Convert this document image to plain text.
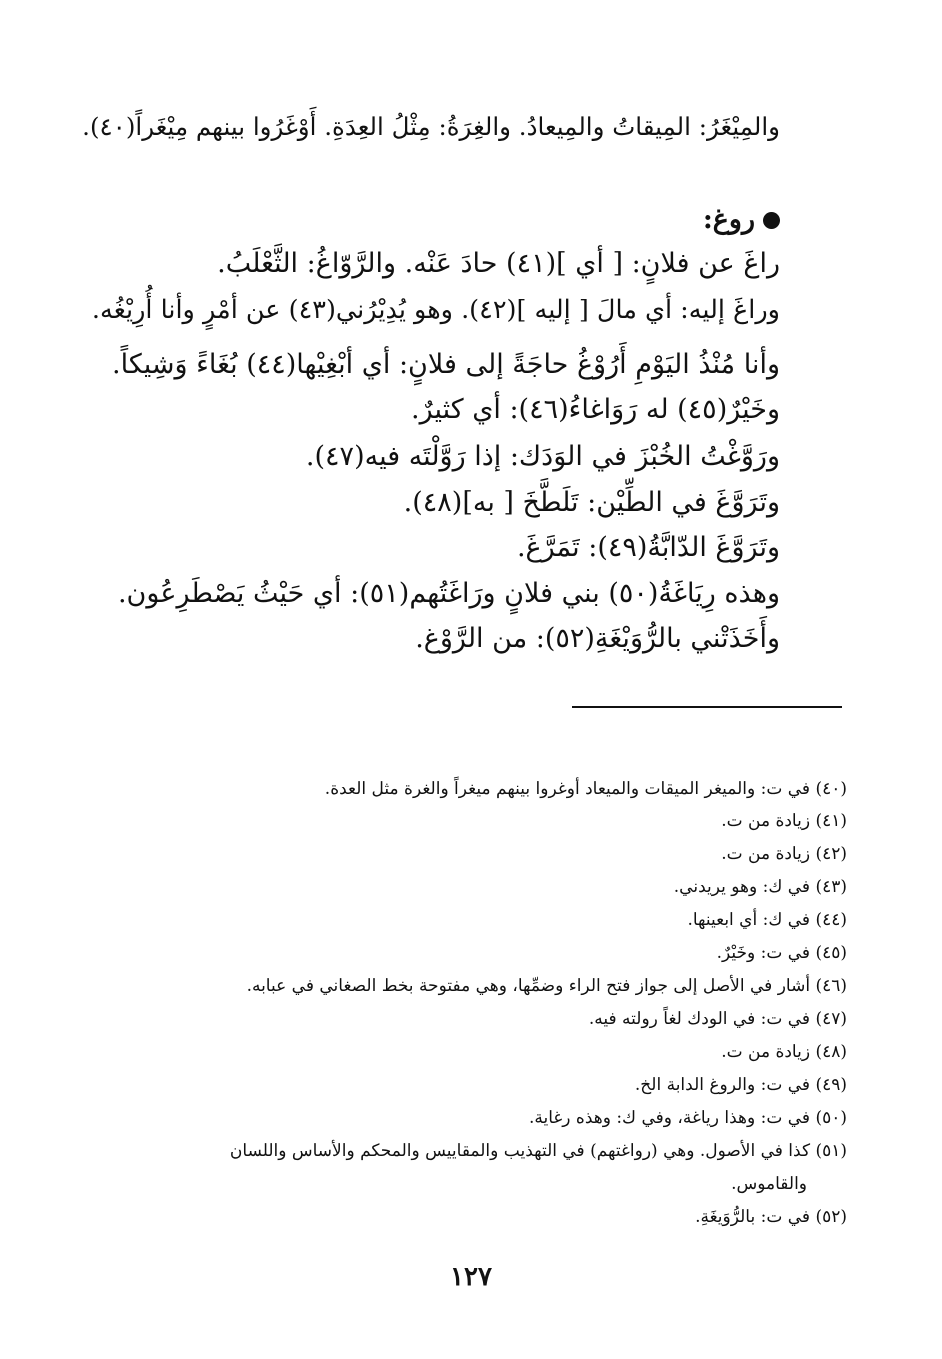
والمِيْغَرُ: المِيقاتُ والمِيعادُ. والغِرَةُ: مِثْلُ العِدَةِ. أَوْغَرُوا بينهم مِيْغَراً(٤٠).
روغ:
راغَ عن فلانٍ: [ أي ](٤١) حادَ عَنْه. والرَّوّاغُ: الثَّعْلَبُ.
وراغَ إليه: أي مالَ [ إليه ](٤٢). وهو يُدِيْرُني(٤٣) عن أمْرٍ وأنا أُرِيْغُه.
وأنا مُنْذُ اليَوْمِ أَرُوْغُ حاجَةً إلى فلانٍ: أي أبْغِيْها(٤٤) بُغَاءً وَشِيكاً.
وخَيْرٌ(٤٥) له رَوَاغاءُ(٤٦): أي كثيرٌ.
ورَوَّغْتُ الخُبْزَ في الوَدَك: إذا رَوَّلْتَه فيه(٤٧).
وتَرَوَّغَ في الطِّيْن: تَلَطَّخَ [ به](٤٨).
وتَرَوَّغَ الدّابَّةُ(٤٩): تَمَرَّغَ.
وهذه رِيَاغَةُ(٥٠) بني فلانٍ ورَاغَتُهم(٥١): أي حَيْثُ يَصْطَرِعُون.
وأَخَذَتْني بالرُّوَيْغَةِ(٥٢): من الرَّوْغ.
(٤٠) في ت: والميغر الميقات والميعاد أوغروا بينهم ميغراً والغرة مثل العدة.
(٤١) زيادة من ت.
(٤٢) زيادة من ت.
(٤٣) في ك: وهو يريدني.
(٤٤) في ك: أي ابعينها.
(٤٥) في ت: وخَيْرٌ.
(٤٦) أشار في الأصل إلى جواز فتح الراء وضمِّها، وهي مفتوحة بخط الصغاني في عبابه.
(٤٧) في ت: في الودك لغاً رولته فيه.
(٤٨) زيادة من ت.
(٤٩) في ت: والروغ الدابة الخ.
(٥٠) في ت: وهذا رياغة، وفي ك: وهذه رغاية.
(٥١) كذا في الأصول. وهي (رواغتهم) في التهذيب والمقاييس والمحكم والأساس واللسان
والقاموس.
(٥٢) في ت: بالرُّوَيغَةِ.
١٢٧
